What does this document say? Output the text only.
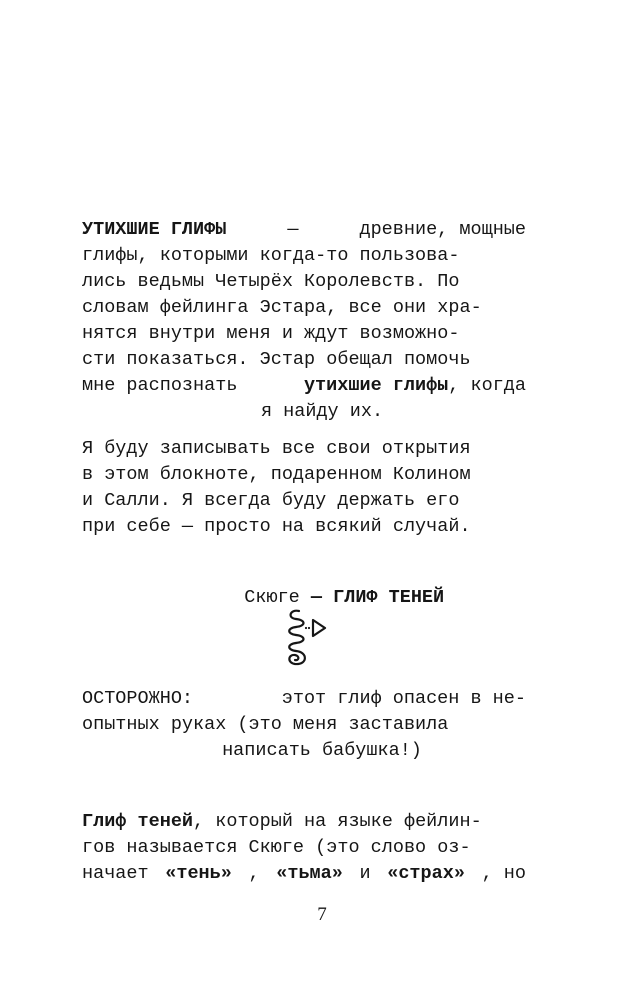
УТИХШИЕ ГЛИФЫ	—	древние, мощные
глифы, которыми когда-то пользова-
лись ведьмы Четырёх Королевств. По
словам фейлинга Эстара, все они хра-
нятся внутри меня и ждут возможно-
сти показаться. Эстар обещал помочь
мне распознать	утихшие глифы, когда
я найду их.
Я буду записывать все свои открытия
в этом блокноте, подаренном Колином
и Салли. Я всегда буду держать его
при себе — просто на всякий случай.

Скюге — ГЛИФ ТЕНЕЙ

ОСТОРОЖНО:	этот глиф опасен в не-
опытных руках (это меня заставила
написать бабушка!)
Глиф теней, который на языке фейлин-
гов называется Скюге (это слово оз-
начает «тень» , «тьма» и «страх» , но
7
